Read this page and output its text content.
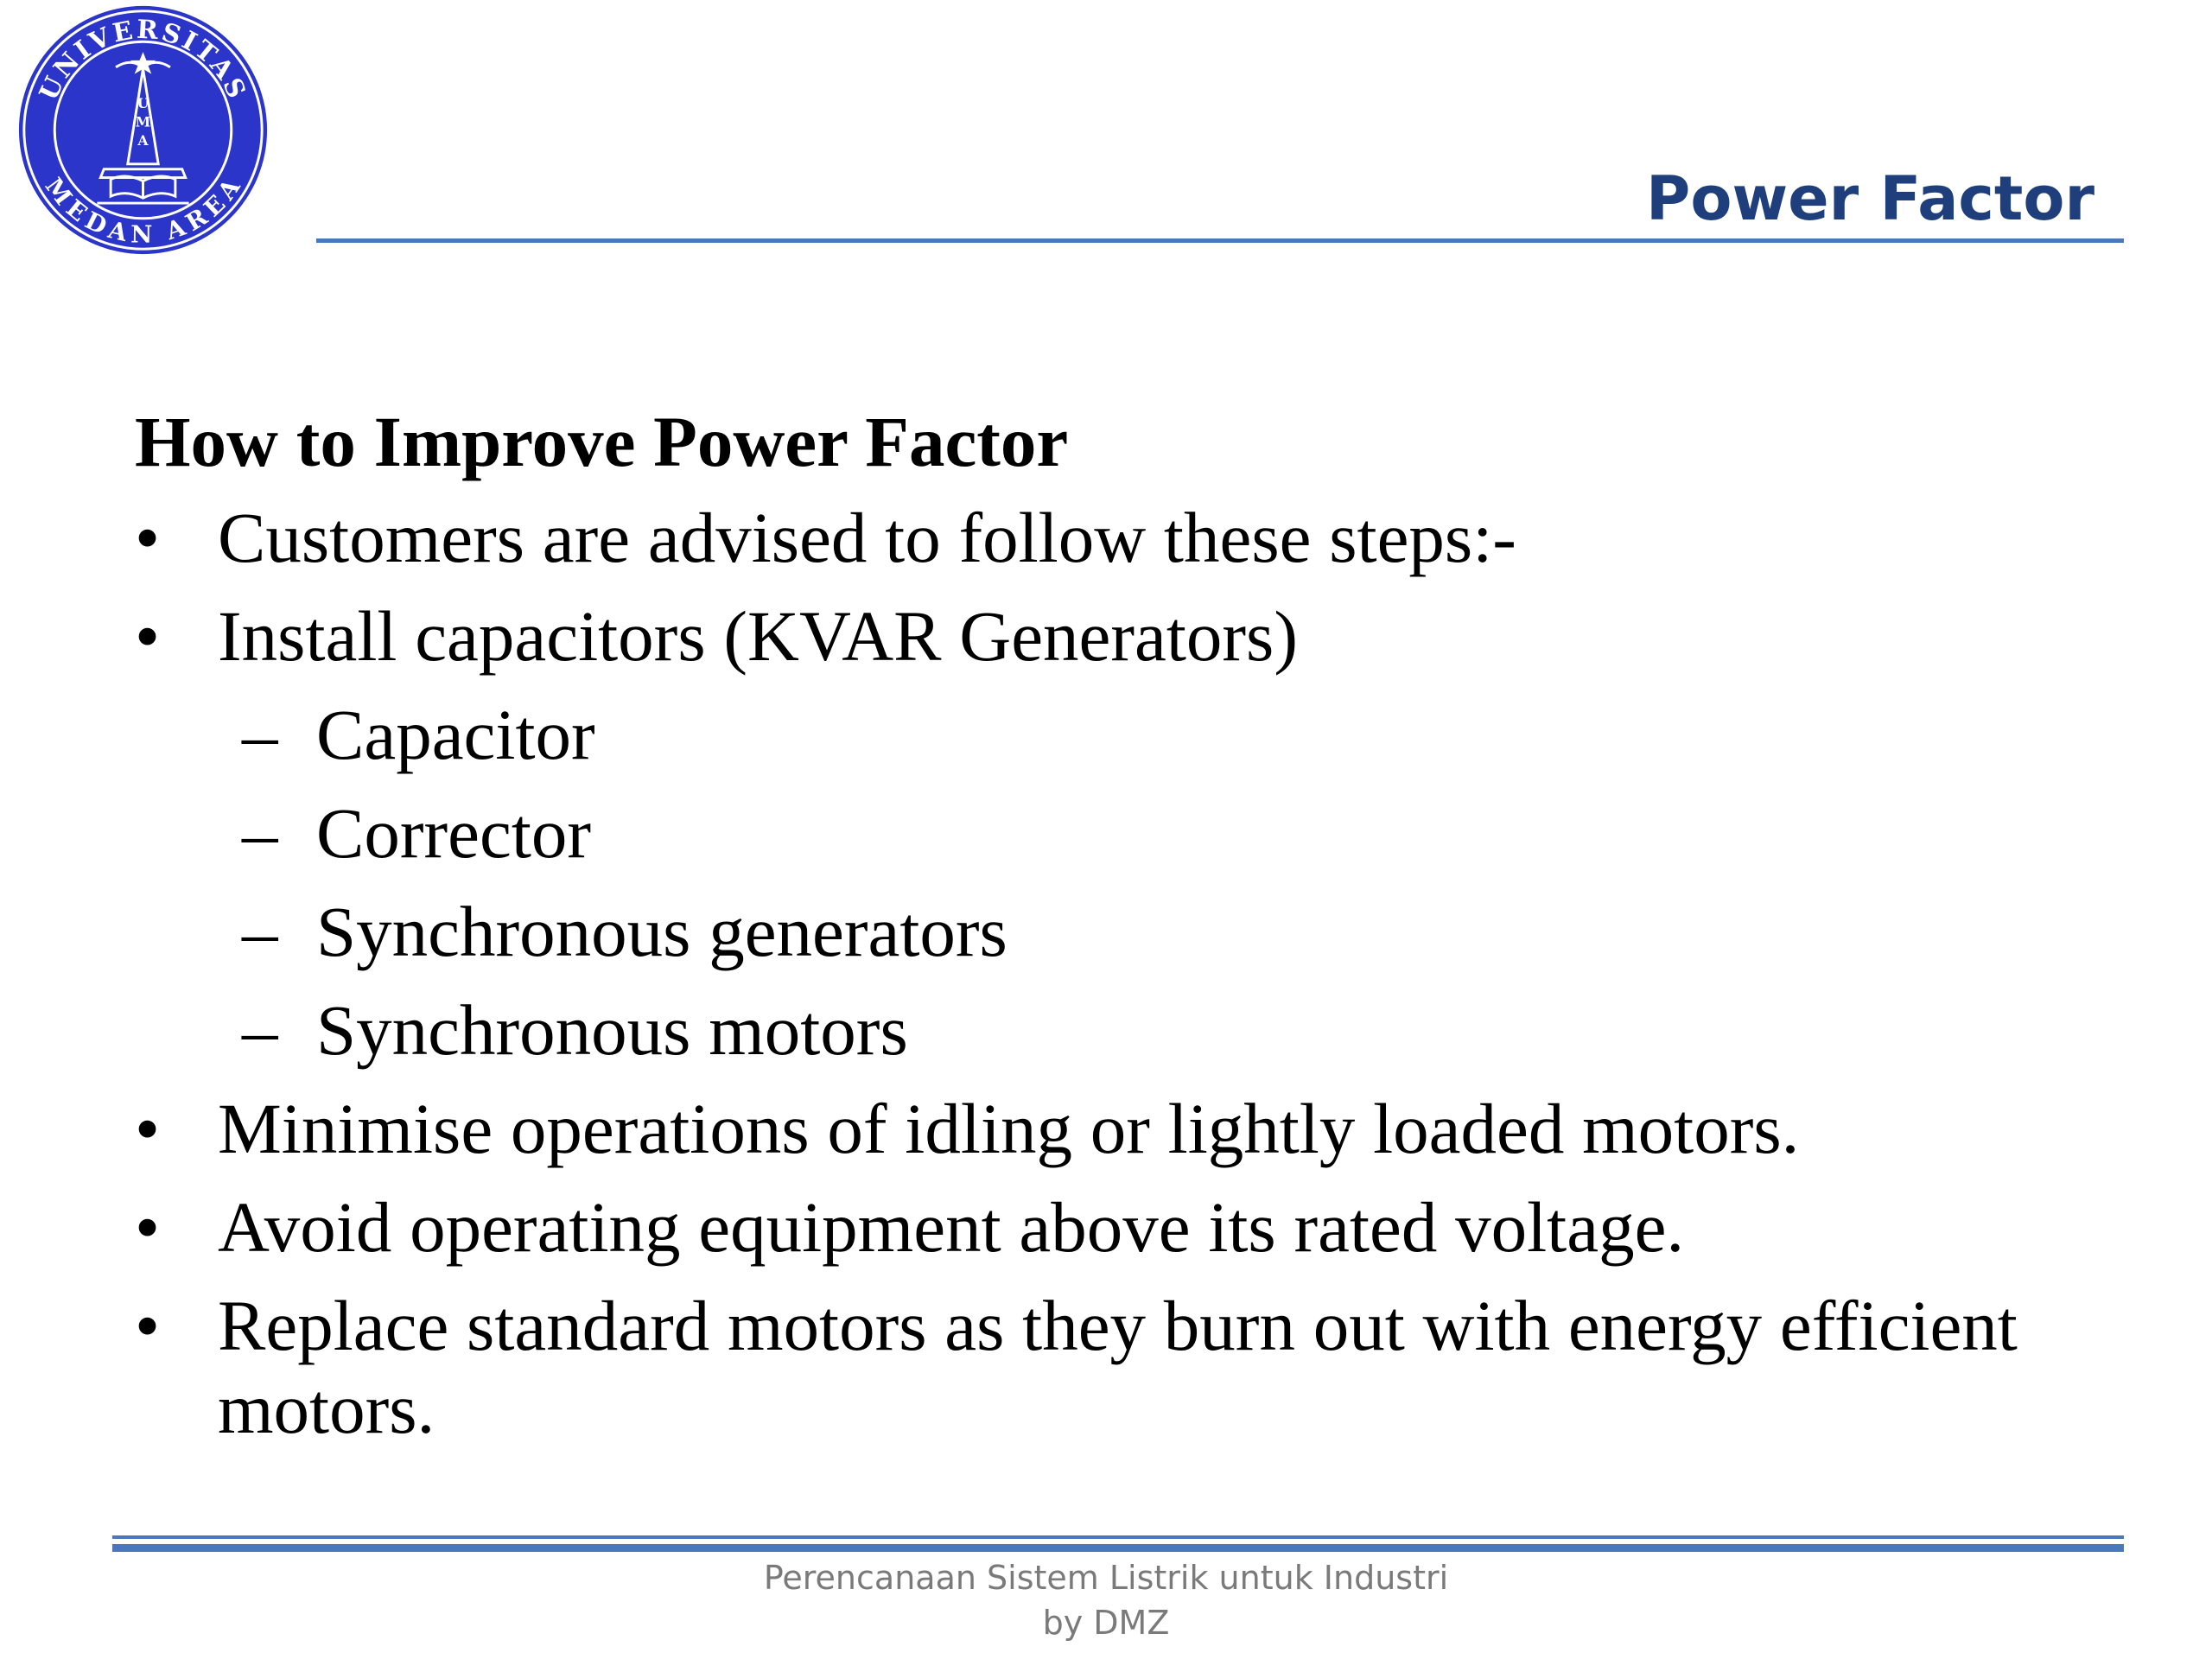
UNIVERSITAS
MEDAN AREA
U
M
A
Power Factor
How to Improve Power Factor
• Customers are advised to follow these steps:-
• Install capacitors (KVAR Generators)
– Capacitor
– Corrector
– Synchronous generators
– Synchronous motors
• Minimise operations of idling or lightly loaded motors.
• Avoid operating equipment above its rated voltage.
• Replace standard motors as they burn out with energy efficient motors.
Perencanaan Sistem Listrik untuk Industri
by DMZ
